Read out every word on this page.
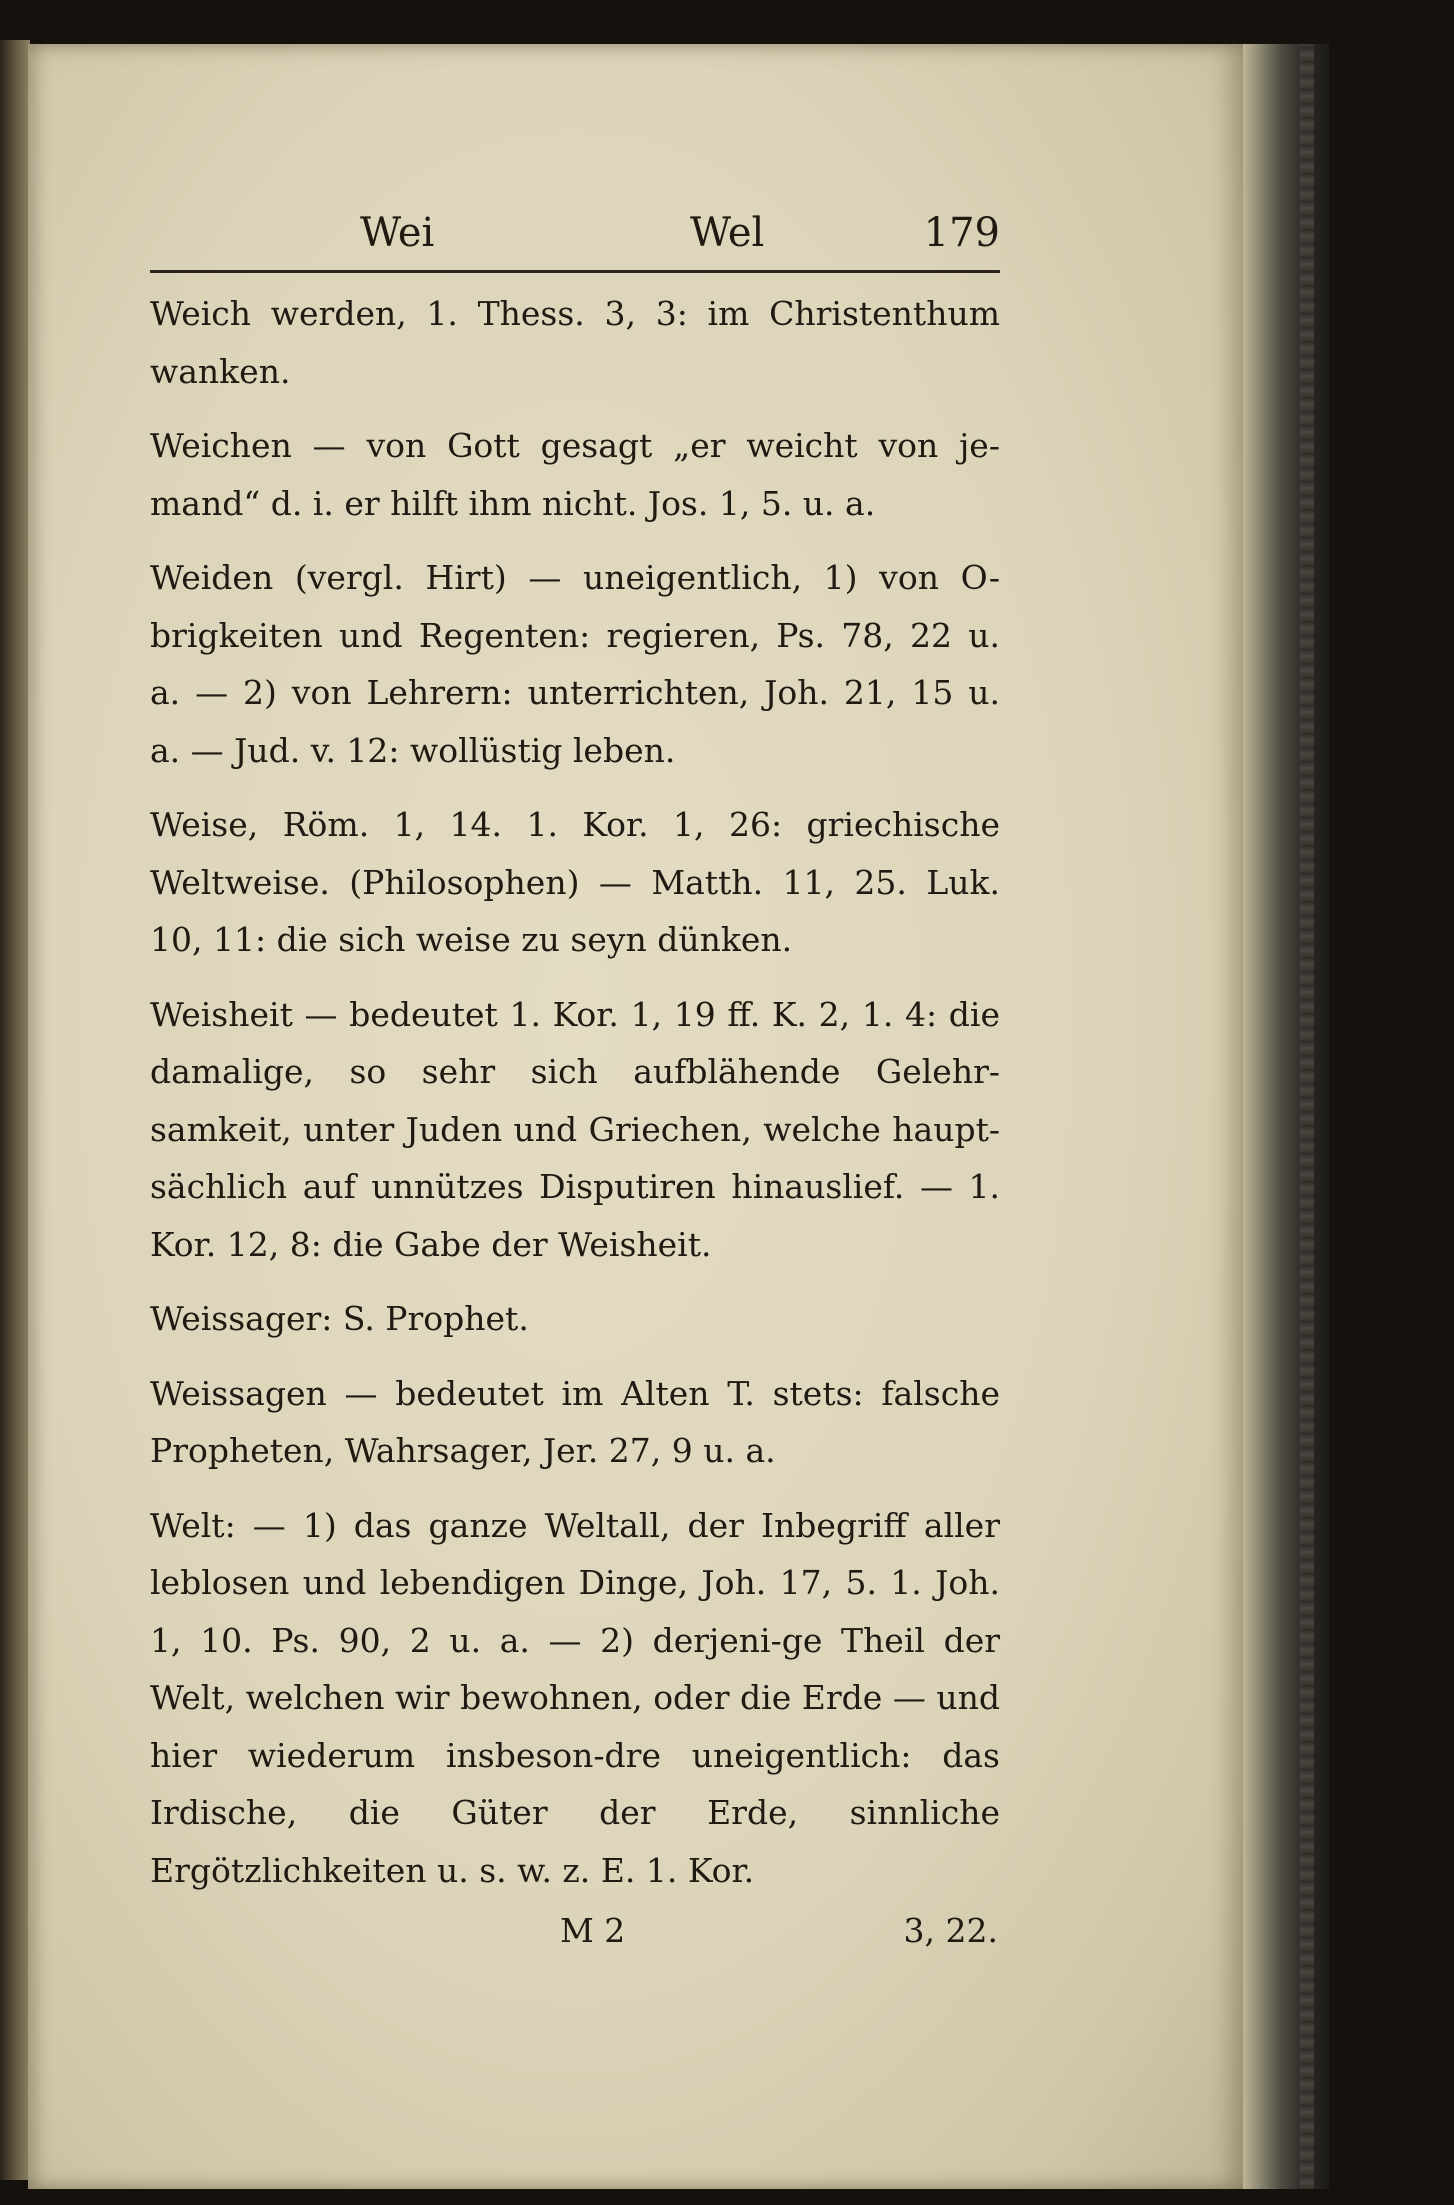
Wei	Wel	179

Weich werden, 1. Thess. 3, 3: im Christenthum wanken.

Weichen — von Gott gesagt „er weicht von je-mand“ d. i. er hilft ihm nicht. Jos. 1, 5. u. a.

Weiden (vergl. Hirt) — uneigentlich, 1) von O-brigkeiten und Regenten: regieren, Ps. 78, 22 u. a. — 2) von Lehrern: unterrichten, Joh. 21, 15 u. a. — Jud. v. 12: wollüstig leben.

Weise, Röm. 1, 14. 1. Kor. 1, 26: griechische Weltweise. (Philosophen) — Matth. 11, 25. Luk. 10, 11: die sich weise zu seyn dünken.

Weisheit — bedeutet 1. Kor. 1, 19 ff. K. 2, 1. 4: die damalige, so sehr sich aufblähende Gelehr-samkeit, unter Juden und Griechen, welche haupt-sächlich auf unnützes Disputiren hinauslief. — 1. Kor. 12, 8: die Gabe der Weisheit.

Weissager: S. Prophet.

Weissagen — bedeutet im Alten T. stets: falsche Propheten, Wahrsager, Jer. 27, 9 u. a.

Welt: — 1) das ganze Weltall, der Inbegriff aller leblosen und lebendigen Dinge, Joh. 17, 5. 1. Joh. 1, 10. Ps. 90, 2 u. a. — 2) derjeni-ge Theil der Welt, welchen wir bewohnen, oder die Erde — und hier wiederum insbeson-dre uneigentlich: das Irdische, die Güter der Erde, sinnliche Ergötzlichkeiten u. s. w. z. E. 1. Kor.

M 2	3, 22.
